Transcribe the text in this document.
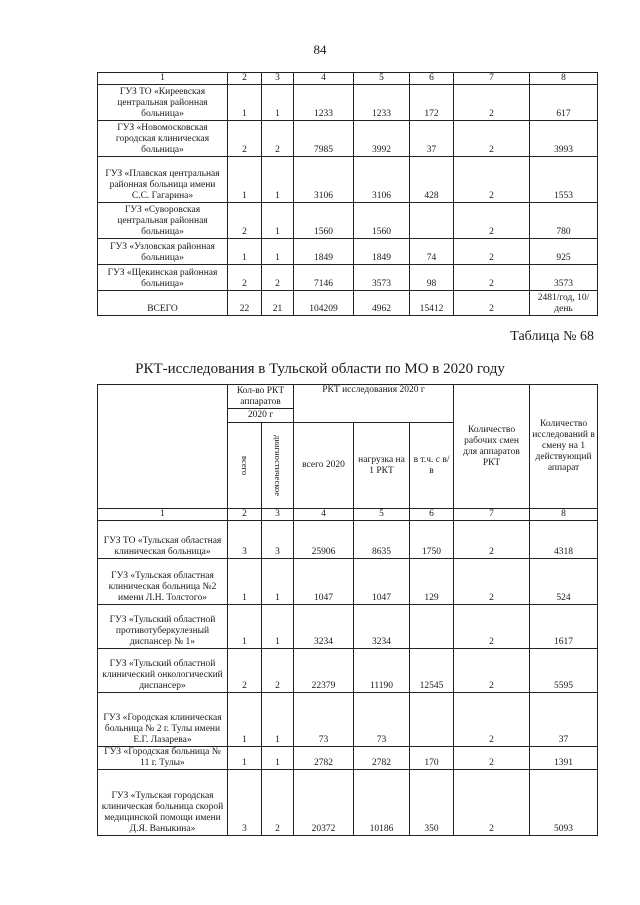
84
1	2	3	4	5	6	7	8
ГУЗ ТО «Киреевская центральная районная больница»	1	1	1233	1233	172	2	617
ГУЗ «Новомосковская городская клиническая больница»	2	2	7985	3992	37	2	3993
ГУЗ «Плавская центральная районная больница имени С.С. Гагарина»	1	1	3106	3106	428	2	1553
ГУЗ «Суворовская центральная районная больница»	2	1	1560	1560		2	780
ГУЗ «Узловская районная больница»	1	1	1849	1849	74	2	925
ГУЗ «Щекинская районная больница»	2	2	7146	3573	98	2	3573
ВСЕГО	22	21	104209	4962	15412	2	2481/год, 10/день
Таблица № 68
РКТ-исследования в Тульской области по МО в 2020 году
	Кол-во РКТ аппаратов		РКТ исследования 2020 г			Количество рабочих смен для аппаратов РКТ	Количество исследований в смену на 1 действующий аппарат
	2020 г						

	всего	диагностическое	всего 2020	нагрузка на 1 РКТ	в т.ч. с в/в		
1	2	3	4	5	6	7	8
ГУЗ ТО «Тульская областная клиническая больница»	3	3	25906	8635	1750	2	4318
ГУЗ «Тульская областная клиническая больница №2 имени Л.Н. Толстого»	1	1	1047	1047	129	2	524
ГУЗ «Тульский областной противотуберкулезный диспансер № 1»	1	1	3234	3234		2	1617
ГУЗ «Тульский областной клинический онкологический диспансер»	2	2	22379	11190	12545	2	5595
ГУЗ «Городская клиническая больница № 2 г. Тулы имени Е.Г. Лазарева»	1	1	73	73		2	37
ГУЗ «Городская больница № 11 г. Тулы»	1	1	2782	2782	170	2	1391
ГУЗ «Тульская городская клиническая больница скорой медицинской помощи имени Д.Я. Ваныкина»	3	2	20372	10186	350	2	5093
